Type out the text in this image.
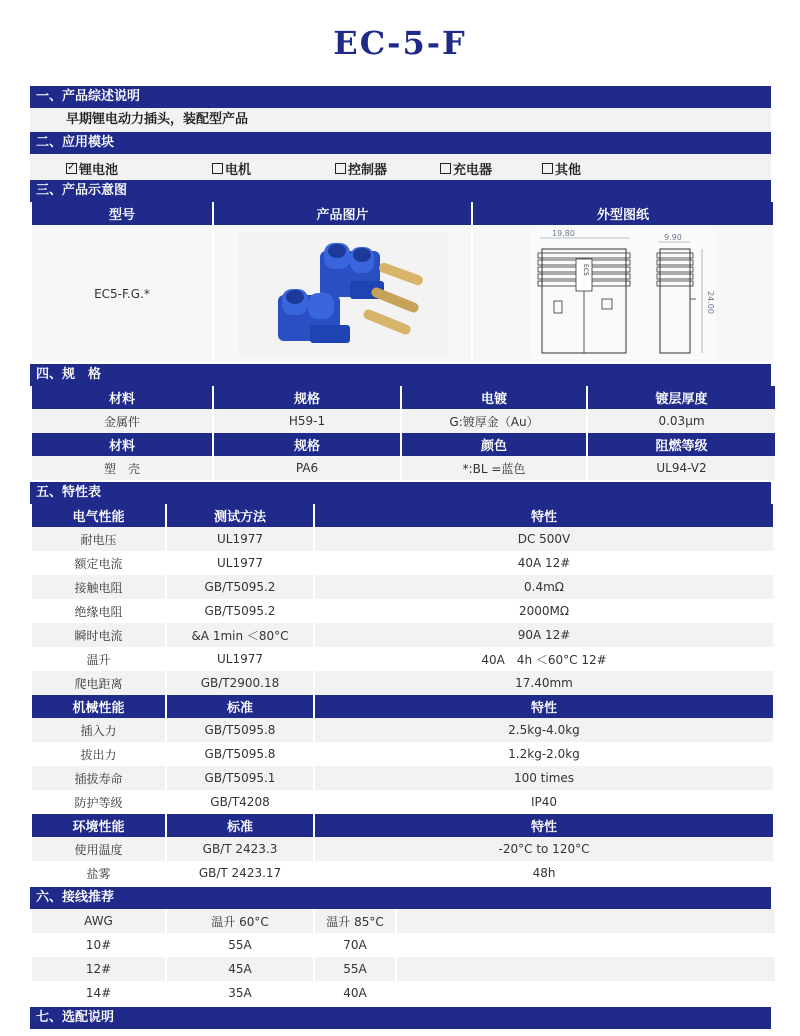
EC-5-F
一、产品综述说明
早期锂电动力插头，装配型产品
二、应用模块
✓
锂电池	电机	控制器	充电器	其他
三、产品示意图
型号	产品图片	外型图纸
EC5-F.G.*		19.80
EC5
9.90
24.00
四、规　格
材料	规格	电镀	镀层厚度
金属件	H59-1	G:镀厚金（Au）	0.03μm
材料	规格	颜色	阻燃等级
塑　壳	PA6	*:BL =蓝色	UL94-V2
五、特性表
电气性能	测试方法	特性
耐电压	UL1977	DC 500V
额定电流	UL1977	40A 12#
接触电阻	GB/T5095.2	0.4mΩ
绝缘电阻	GB/T5095.2	2000MΩ
瞬时电流	&A 1min ＜80°C	90A 12#
温升	UL1977	40A　4h ＜60°C 12#
爬电距离	GB/T2900.18	17.40mm
机械性能	标准	特性
插入力	GB/T5095.8	2.5kg-4.0kg
拔出力	GB/T5095.8	1.2kg-2.0kg
插拔寿命	GB/T5095.1	100 times
防护等级	GB/T4208	IP40
环境性能	标准	特性
使用温度	GB/T 2423.3	-20°C to 120°C
盐雾	GB/T 2423.17	48h
六、接线推荐
AWG	温升 60°C	温升 85°C	
10#	55A	70A	
12#	45A	55A	
14#	35A	40A	
七、选配说明
